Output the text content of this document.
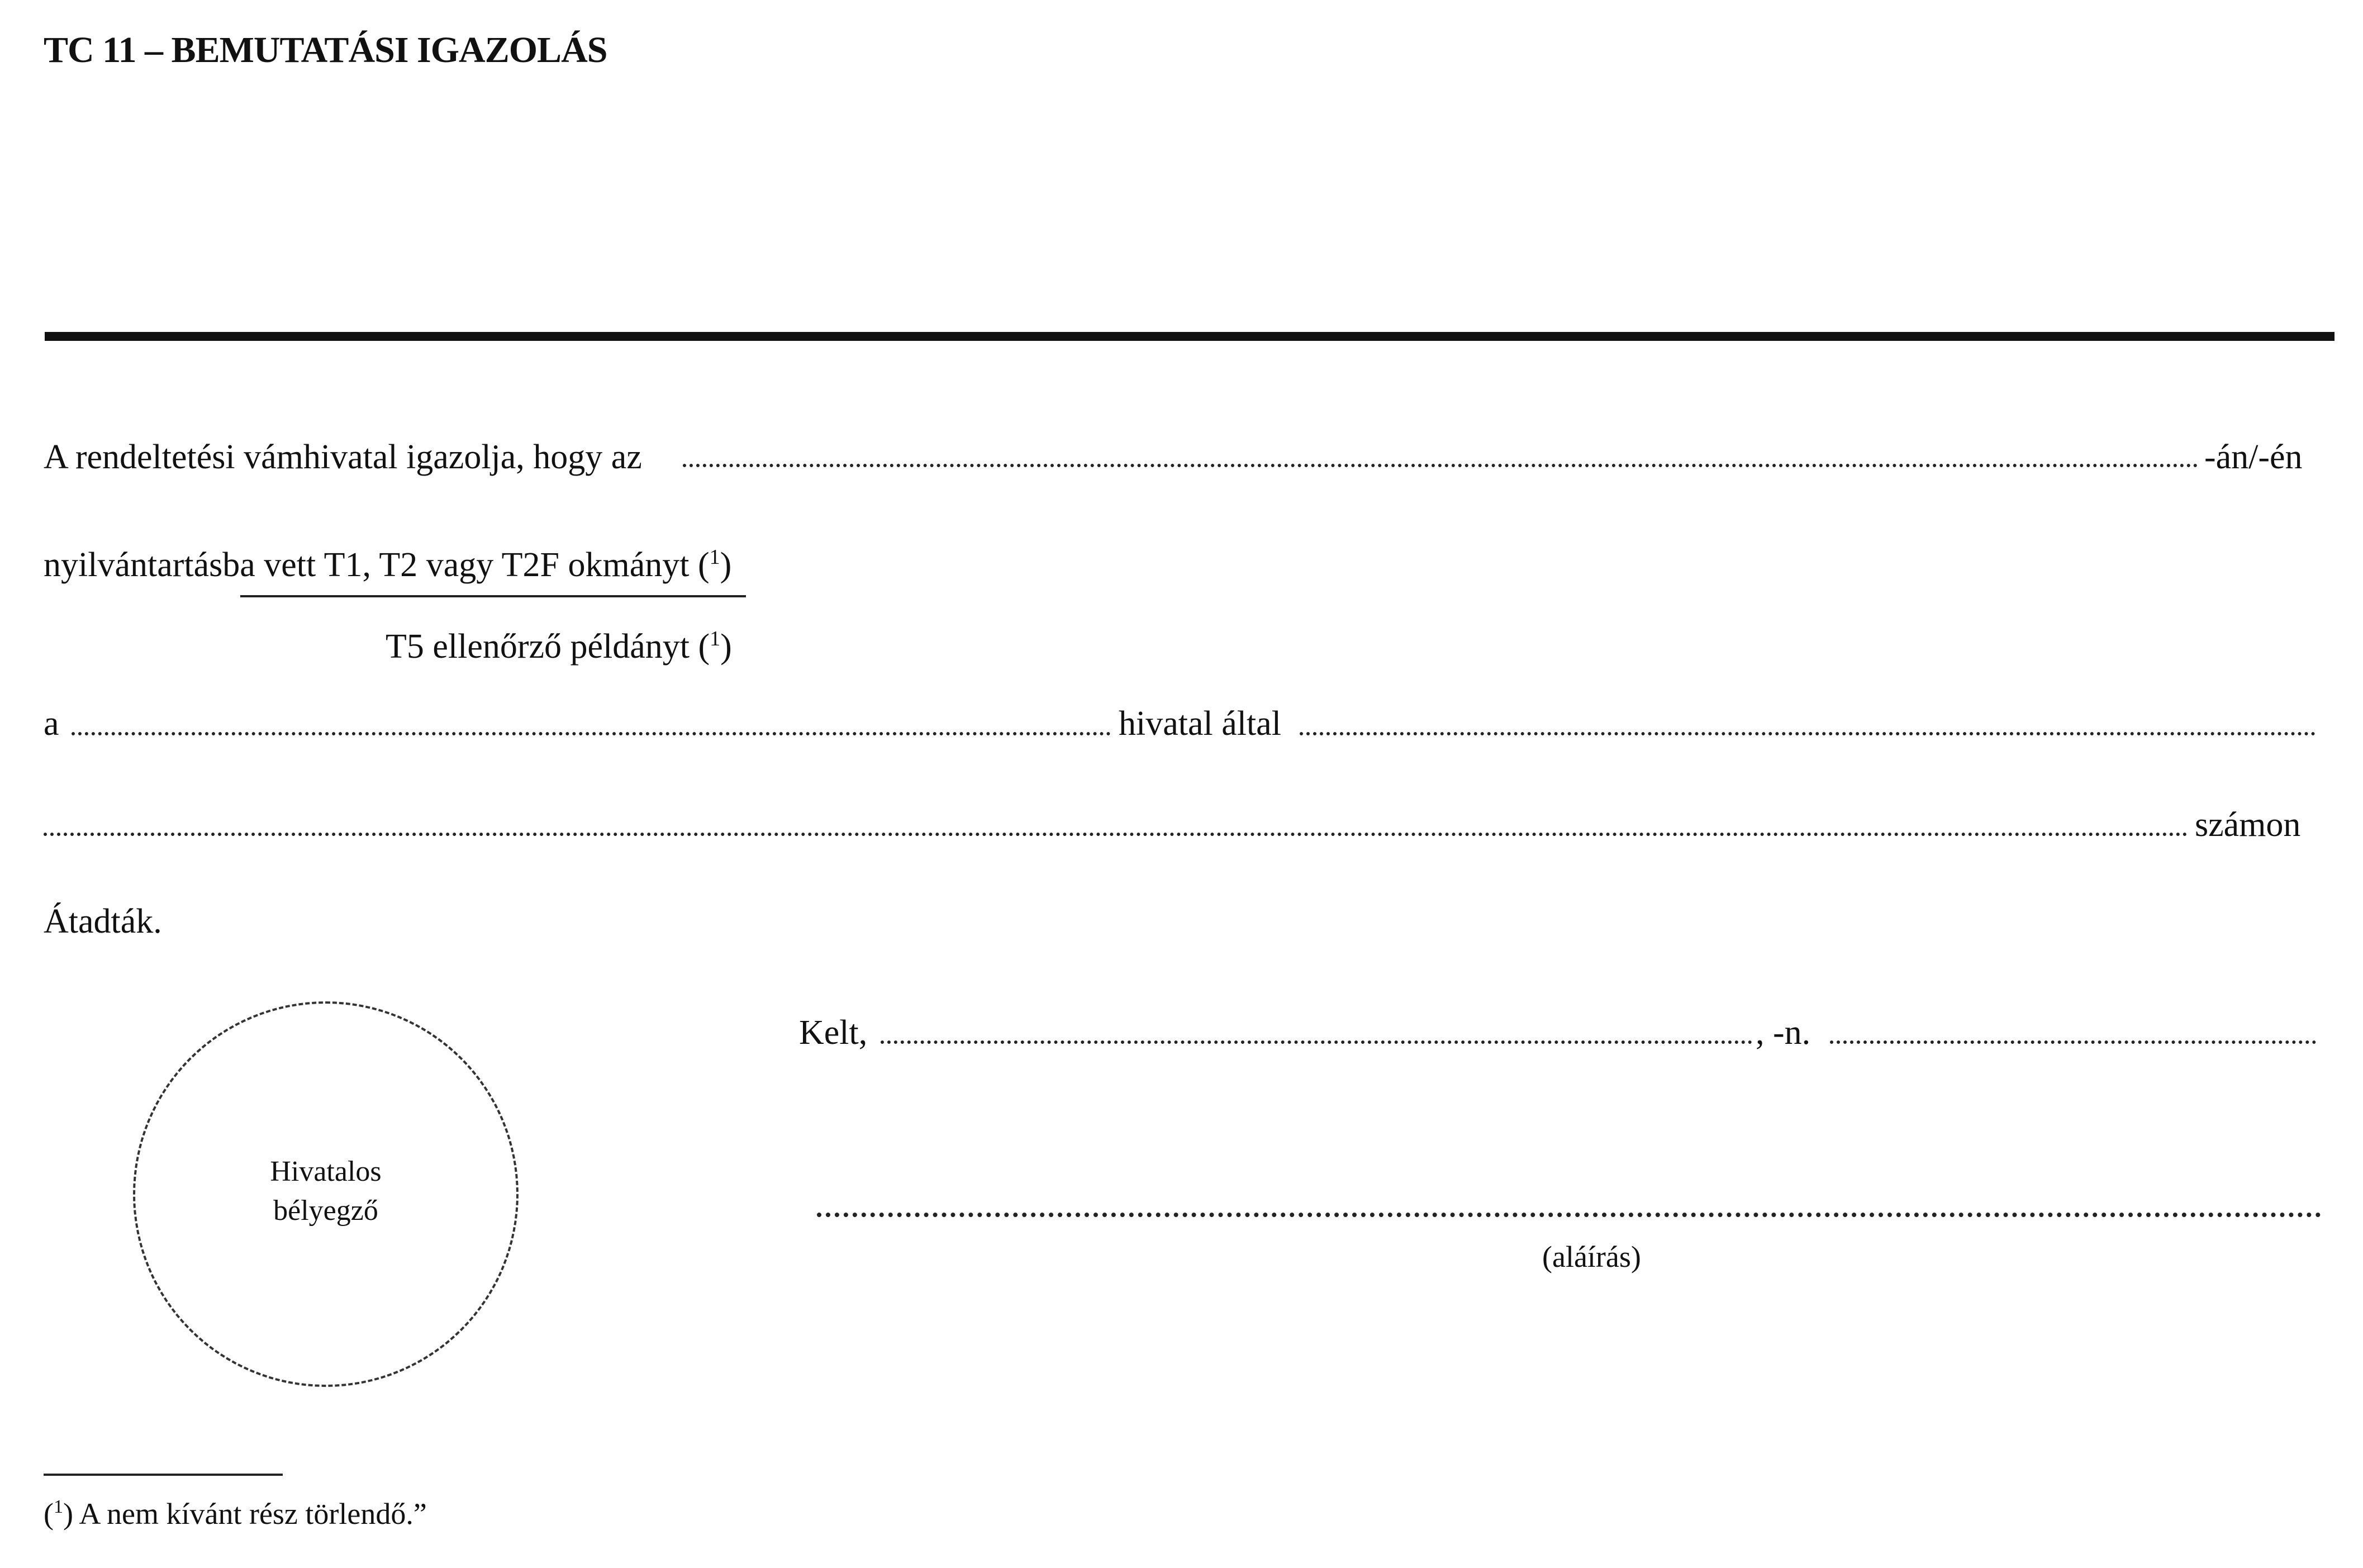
TC 11 – BEMUTATÁSI IGAZOLÁS
A rendeltetési vámhivatal igazolja, hogy az	-án/-én
nyilvántartásba vett T1, T2 vagy T2F okmányt ($^1$)
T5 ellenőrző példányt ($^1$)
a	hivatal által
számon
Átadták.
Hivatalos
bélyegző
Kelt,	, -n.
(aláírás)
($^1$) A nem kívánt rész törlendő.”
